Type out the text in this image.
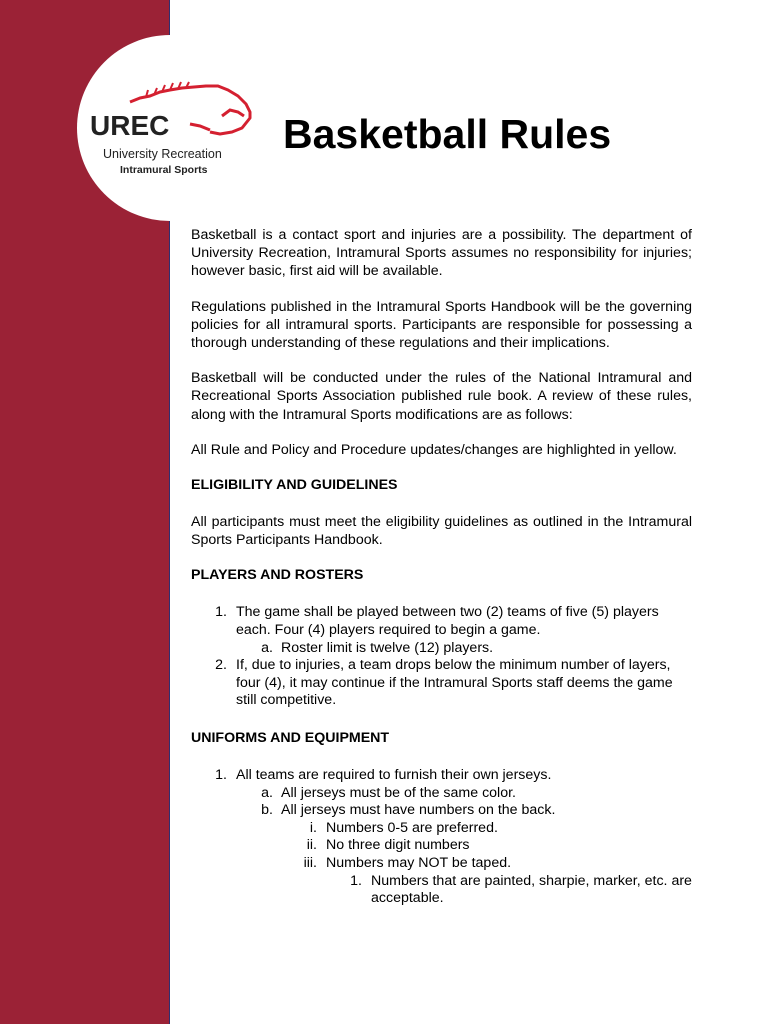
UREC
University Recreation
Intramural Sports
Basketball Rules

Basketball is a contact sport and injuries are a possibility. The department of University Recreation, Intramural Sports assumes no responsibility for injuries; however basic, first aid will be available.

Regulations published in the Intramural Sports Handbook will be the governing policies for all intramural sports. Participants are responsible for possessing a thorough understanding of these regulations and their implications.

Basketball will be conducted under the rules of the National Intramural and Recreational Sports Association published rule book. A review of these rules, along with the Intramural Sports modifications are as follows:

All Rule and Policy and Procedure updates/changes are highlighted in yellow.

ELIGIBILITY AND GUIDELINES

All participants must meet the eligibility guidelines as outlined in the Intramural Sports Participants Handbook.

PLAYERS AND ROSTERS
1. The game shall be played between two (2) teams of five (5) players each. Four (4) players required to begin a game.
a. Roster limit is twelve (12) players.
2. If, due to injuries, a team drops below the minimum number of layers, four (4), it may continue if the Intramural Sports staff deems the game still competitive.
UNIFORMS AND EQUIPMENT
1. All teams are required to furnish their own jerseys.
a. All jerseys must be of the same color.
b. All jerseys must have numbers on the back.
i. Numbers 0-5 are preferred.
ii. No three digit numbers
iii. Numbers may NOT be taped.
1. Numbers that are painted, sharpie, marker, etc. are acceptable.
